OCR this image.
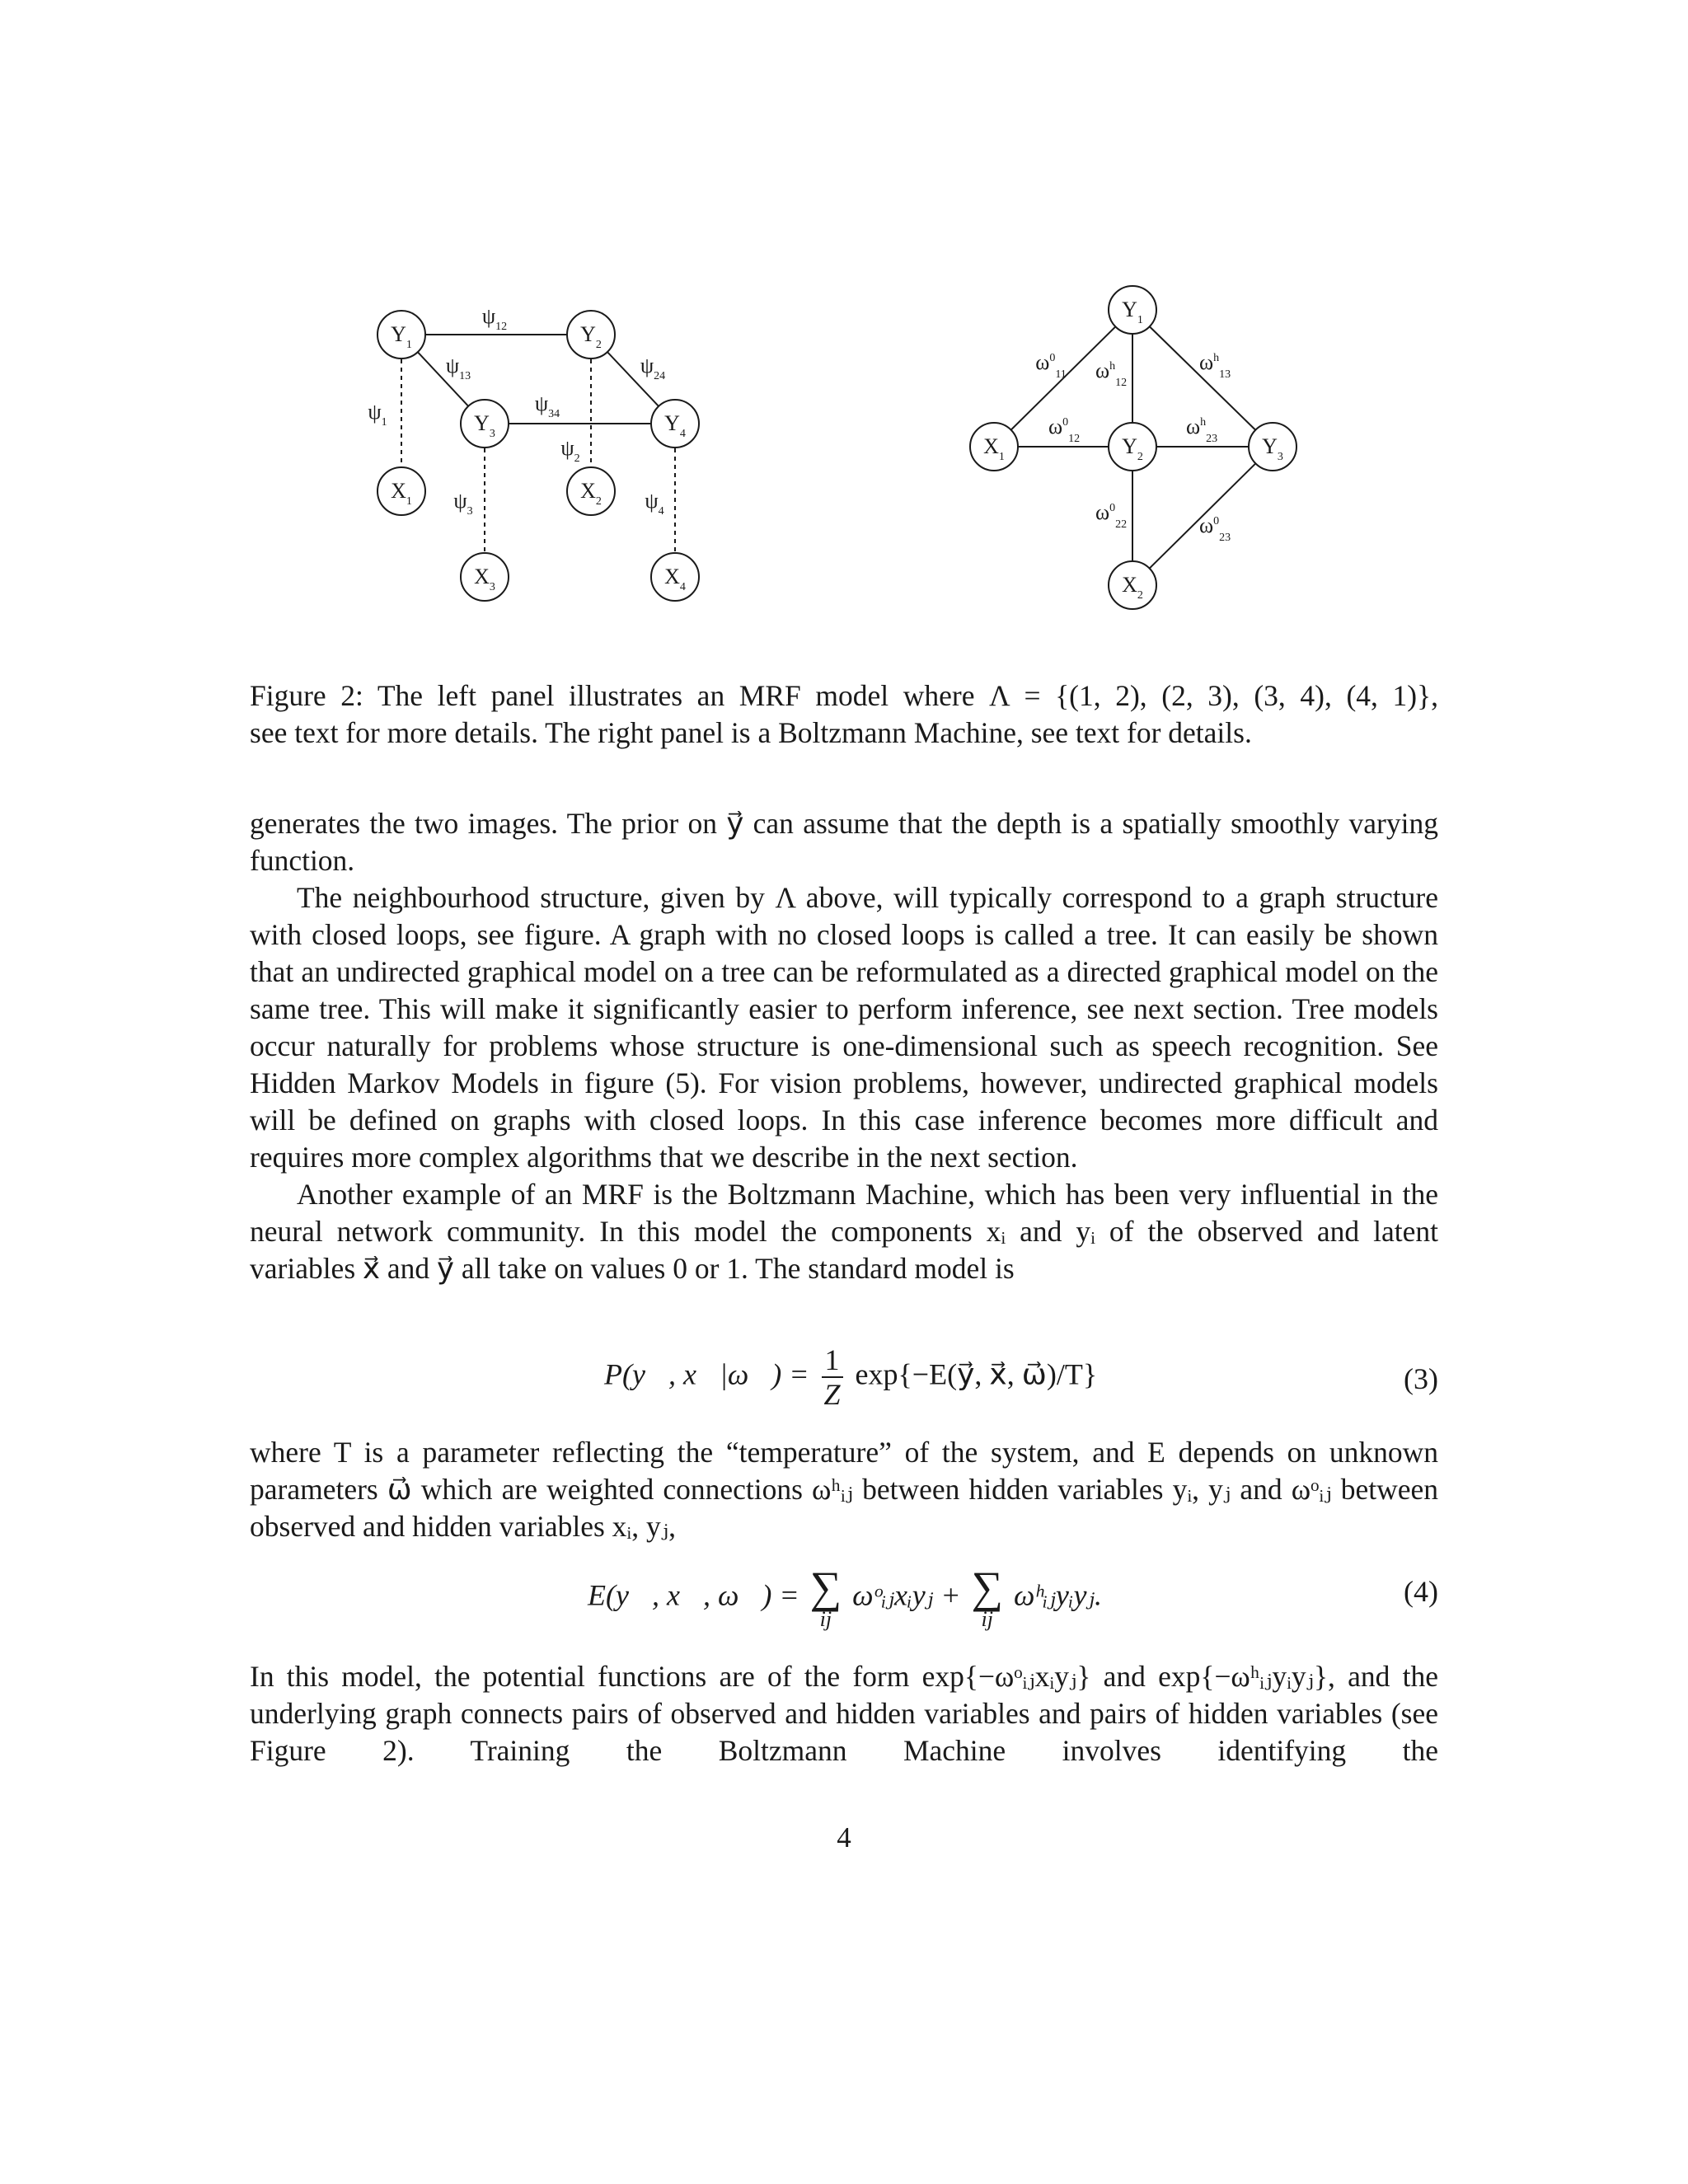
$\psi_{12}$
$\psi_{13}$	$\psi_{24}$
$\psi_{34}$
$\psi_1$
$\psi_2$
$\psi_3$	$\psi_4$
$Y_1$	$Y_2$
$Y_3$	$Y_4$
$X_1$	$X_2$
$X_3$	$X_4$
$\omega^0_{11}$ $\omega^h_{12}$
$\omega^h_{13}$
$\omega^0_{12}$
$\omega^h_{23}$
$\omega^0_{22}$	$\omega^0_{23}$
$Y_1$
$X_1$	$Y_2$	$Y_3$
$X_2$

Figure 2: The left panel illustrates an MRF model where Λ = {(1, 2), (2, 3), (3, 4), (4, 1)},

see text for more details. The right panel is a Boltzmann Machine, see text for details.

generates the two images. The prior on y⃗ can assume that the depth is a spatially smoothly varying function.

The neighbourhood structure, given by Λ above, will typically correspond to a graph structure with closed loops, see figure. A graph with no closed loops is called a tree. It can easily be shown that an undirected graphical model on a tree can be reformulated as a directed graphical model on the same tree. This will make it significantly easier to perform inference, see next section. Tree models occur naturally for problems whose structure is one-dimensional such as speech recognition. See Hidden Markov Models in figure (5). For vision problems, however, undirected graphical models will be defined on graphs with closed loops. In this case inference becomes more difficult and requires more complex algorithms that we describe in the next section.

Another example of an MRF is the Boltzmann Machine, which has been very influential in the neural network community. In this model the components xᵢ and yᵢ of the observed and latent variables x⃗ and y⃗ all take on values 0 or 1. The standard model is

P(y⃗, x⃗|ω⃗) = $\frac{1}{Z}$ exp{−E(y⃗, x⃗, ω⃗)/T}	(3)

where T is a parameter reflecting the “temperature” of the system, and E depends on unknown parameters ω⃗ which are weighted connections ωʰᵢⱼ between hidden variables yᵢ, yⱼ and ωᵒᵢⱼ between observed and hidden variables xᵢ, yⱼ,

E(y⃗, x⃗, ω⃗) = ∑
ij
ωᵒᵢⱼxᵢyⱼ + ∑
ij
ωʰᵢⱼyᵢyⱼ.	(4)

In this model, the potential functions are of the form exp{−ωᵒᵢⱼxᵢyⱼ} and exp{−ωʰᵢⱼyᵢyⱼ}, and the underlying graph connects pairs of observed and hidden variables and pairs of hidden variables (see Figure 2). Training the Boltzmann Machine involves identifying the

4
